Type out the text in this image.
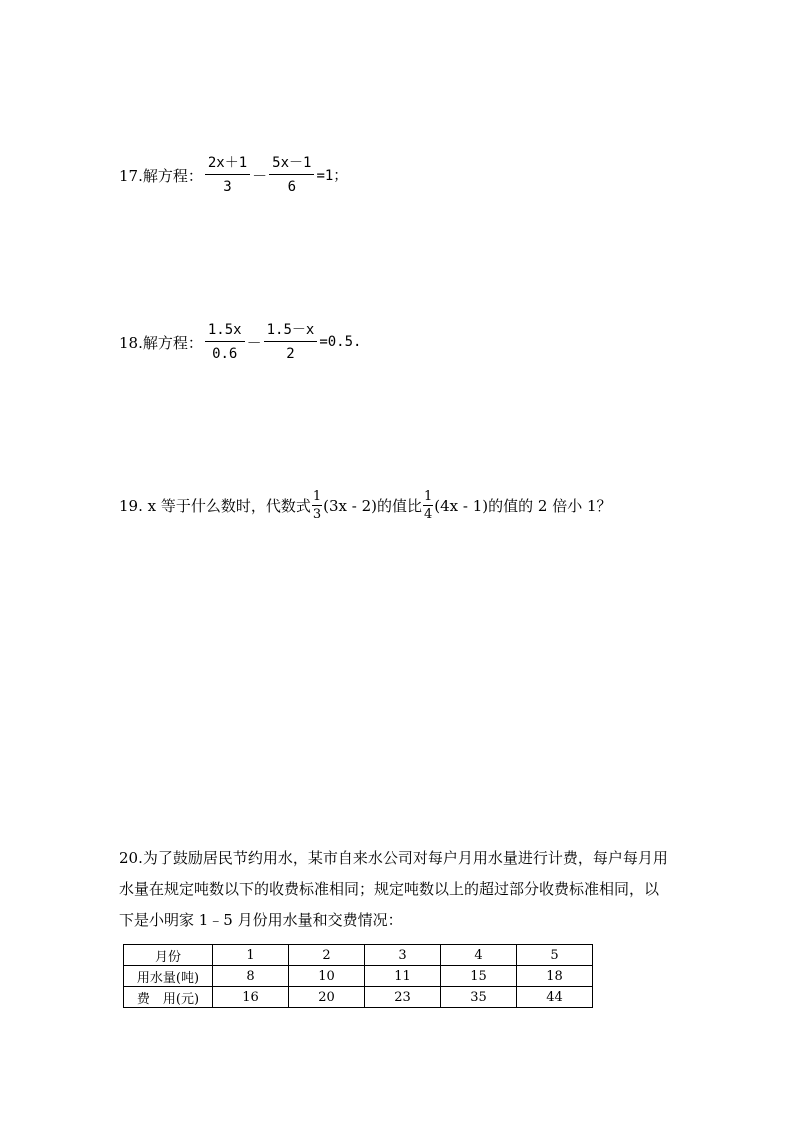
17.解方程： $\frac{2x+1}{3} - \frac{5x-1}{6} =1$；
18.解方程： $\frac{1.5x}{0.6} - \frac{1.5-x}{2} =0.5$.
19. x 等于什么数时，代数式 $\frac{1}{3} (3x - 2)$的值比 $\frac{1}{4} (4x - 1)$的值的 2 倍小 1？
20.为了鼓励居民节约用水，某市自来水公司对每户月用水量进行计费，每户每月用
水量在规定吨数以下的收费标准相同；规定吨数以上的超过部分收费标准相同，以
下是小明家 1﹣5 月份用水量和交费情况：
月份	1	2	3	4	5
用水量(吨)	8	10	11	15	18
费　用(元)	16	20	23	35	44
